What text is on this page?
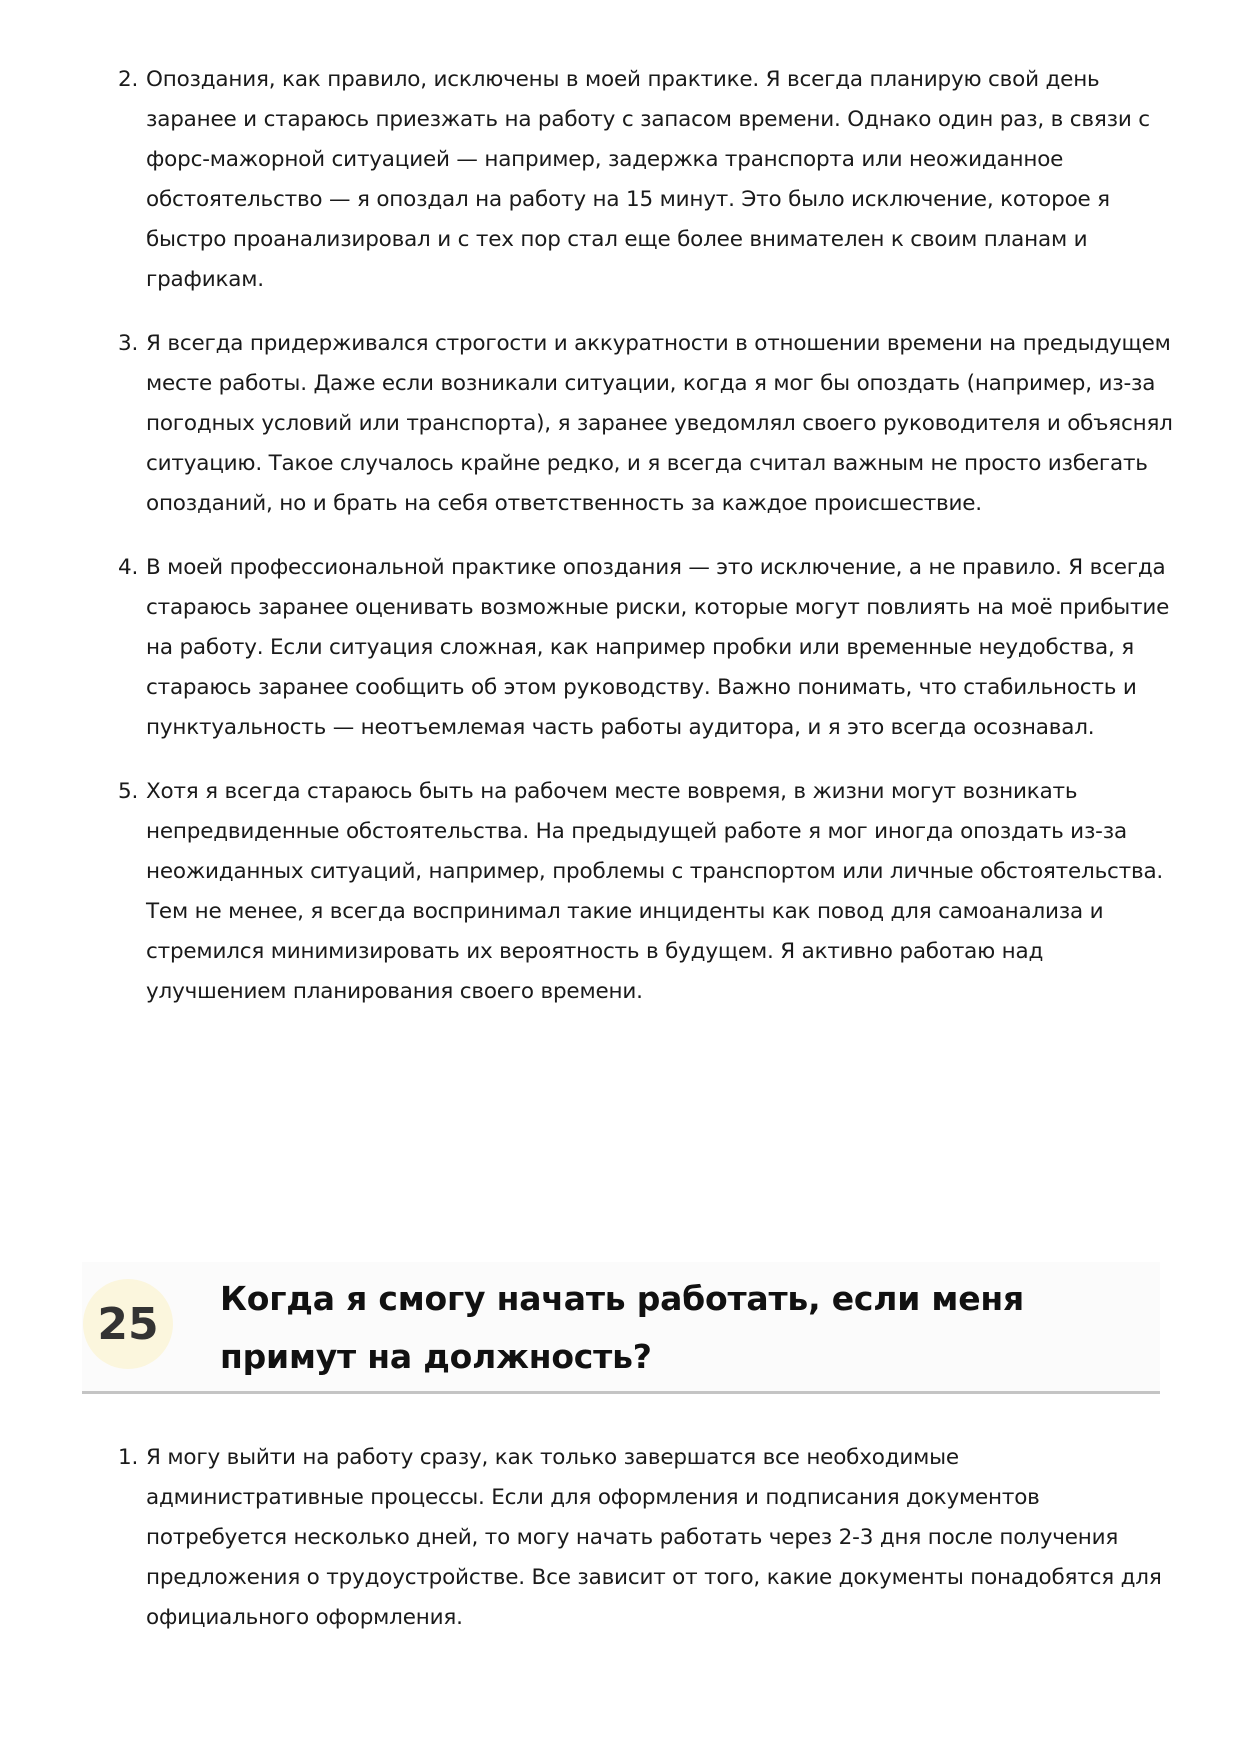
2. Опоздания, как правило, исключены в моей практике. Я всегда планирую свой день заранее и стараюсь приезжать на работу с запасом времени. Однако один раз, в связи с форс-мажорной ситуацией — например, задержка транспорта или неожиданное обстоятельство — я опоздал на работу на 15 минут. Это было исключение, которое я быстро проанализировал и с тех пор стал еще более внимателен к своим планам и графикам.
3. Я всегда придерживался строгости и аккуратности в отношении времени на предыдущем месте работы. Даже если возникали ситуации, когда я мог бы опоздать (например, из-за погодных условий или транспорта), я заранее уведомлял своего руководителя и объяснял ситуацию. Такое случалось крайне редко, и я всегда считал важным не просто избегать опозданий, но и брать на себя ответственность за каждое происшествие.
4. В моей профессиональной практике опоздания — это исключение, а не правило. Я всегда стараюсь заранее оценивать возможные риски, которые могут повлиять на моё прибытие на работу. Если ситуация сложная, как например пробки или временные неудобства, я стараюсь заранее сообщить об этом руководству. Важно понимать, что стабильность и пунктуальность — неотъемлемая часть работы аудитора, и я это всегда осознавал.
5. Хотя я всегда стараюсь быть на рабочем месте вовремя, в жизни могут возникать непредвиденные обстоятельства. На предыдущей работе я мог иногда опоздать из-за неожиданных ситуаций, например, проблемы с транспортом или личные обстоятельства. Тем не менее, я всегда воспринимал такие инциденты как повод для самоанализа и стремился минимизировать их вероятность в будущем. Я активно работаю над улучшением планирования своего времени.
25	Когда я смогу начать работать, если меня примут на должность?
1. Я могу выйти на работу сразу, как только завершатся все необходимые административные процессы. Если для оформления и подписания документов потребуется несколько дней, то могу начать работать через 2-3 дня после получения предложения о трудоустройстве. Все зависит от того, какие документы понадобятся для официального оформления.
